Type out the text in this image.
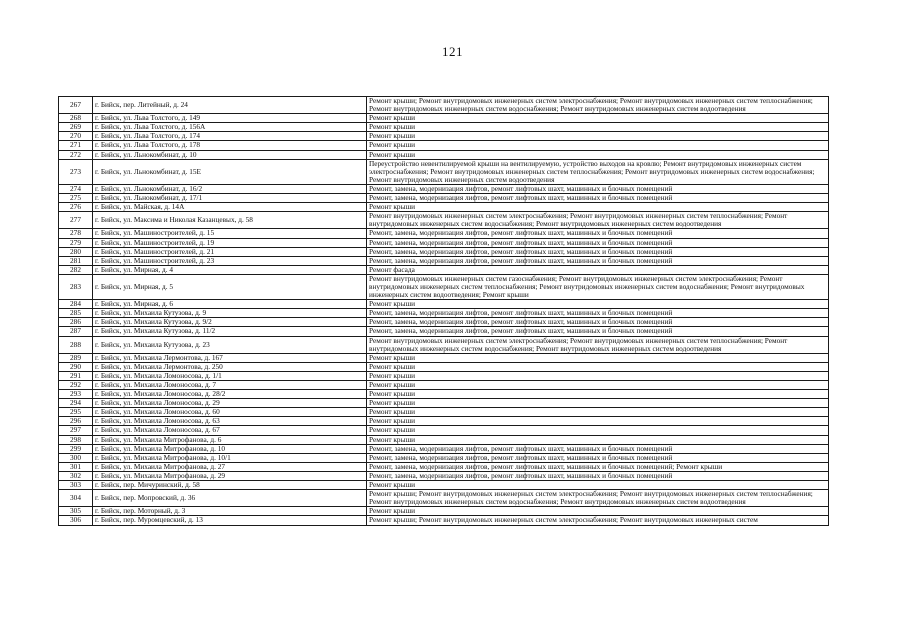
121
267	г. Бийск, пер. Литейный, д. 24	Ремонт крыши; Ремонт внутридомовых инженерных систем электроснабжения; Ремонт внутридомовых инженерных систем теплоснабжения; Ремонт внутридомовых инженерных систем водоснабжения; Ремонт внутридомовых инженерных систем водоотведения
268	г. Бийск, ул. Льва Толстого, д. 149	Ремонт крыши
269	г. Бийск, ул. Льва Толстого, д. 156А	Ремонт крыши
270	г. Бийск, ул. Льва Толстого, д. 174	Ремонт крыши
271	г. Бийск, ул. Льва Толстого, д. 178	Ремонт крыши
272	г. Бийск, ул. Льнокомбинат, д. 10	Ремонт крыши
273	г. Бийск, ул. Льнокомбинат, д. 15Е	Переустройство невентилируемой крыши на вентилируемую, устройство выходов на кровлю; Ремонт внутридомовых инженерных систем электроснабжения; Ремонт внутридомовых инженерных систем теплоснабжения; Ремонт внутридомовых инженерных систем водоснабжения; Ремонт внутридомовых инженерных систем водоотведения
274	г. Бийск, ул. Льнокомбинат, д. 16/2	Ремонт, замена, модернизация лифтов, ремонт лифтовых шахт, машинных и блочных помещений
275	г. Бийск, ул. Льнокомбинат, д. 17/1	Ремонт, замена, модернизация лифтов, ремонт лифтовых шахт, машинных и блочных помещений
276	г. Бийск, ул. Майская, д. 14А	Ремонт крыши
277	г. Бийск, ул. Максима и Николая Казанцевых, д. 58	Ремонт внутридомовых инженерных систем электроснабжения; Ремонт внутридомовых инженерных систем теплоснабжения; Ремонт внутридомовых инженерных систем водоснабжения; Ремонт внутридомовых инженерных систем водоотведения
278	г. Бийск, ул. Машиностроителей, д. 15	Ремонт, замена, модернизация лифтов, ремонт лифтовых шахт, машинных и блочных помещений
279	г. Бийск, ул. Машиностроителей, д. 19	Ремонт, замена, модернизация лифтов, ремонт лифтовых шахт, машинных и блочных помещений
280	г. Бийск, ул. Машиностроителей, д. 21	Ремонт, замена, модернизация лифтов, ремонт лифтовых шахт, машинных и блочных помещений
281	г. Бийск, ул. Машиностроителей, д. 23	Ремонт, замена, модернизация лифтов, ремонт лифтовых шахт, машинных и блочных помещений
282	г. Бийск, ул. Мирная, д. 4	Ремонт фасада
283	г. Бийск, ул. Мирная, д. 5	Ремонт внутридомовых инженерных систем газоснабжения; Ремонт внутридомовых инженерных систем электроснабжения; Ремонт внутридомовых инженерных систем теплоснабжения; Ремонт внутридомовых инженерных систем водоснабжения; Ремонт внутридомовых инженерных систем водоотведения; Ремонт крыши
284	г. Бийск, ул. Мирная, д. 6	Ремонт крыши
285	г. Бийск, ул. Михаила Кутузова, д. 9	Ремонт, замена, модернизация лифтов, ремонт лифтовых шахт, машинных и блочных помещений
286	г. Бийск, ул. Михаила Кутузова, д. 9/2	Ремонт, замена, модернизация лифтов, ремонт лифтовых шахт, машинных и блочных помещений
287	г. Бийск, ул. Михаила Кутузова, д. 11/2	Ремонт, замена, модернизация лифтов, ремонт лифтовых шахт, машинных и блочных помещений
288	г. Бийск, ул. Михаила Кутузова, д. 23	Ремонт внутридомовых инженерных систем электроснабжения; Ремонт внутридомовых инженерных систем теплоснабжения; Ремонт внутридомовых инженерных систем водоснабжения; Ремонт внутридомовых инженерных систем водоотведения
289	г. Бийск, ул. Михаила Лермонтова, д. 167	Ремонт крыши
290	г. Бийск, ул. Михаила Лермонтова, д. 250	Ремонт крыши
291	г. Бийск, ул. Михаила Ломоносова, д. 1/1	Ремонт крыши
292	г. Бийск, ул. Михаила Ломоносова, д. 7	Ремонт крыши
293	г. Бийск, ул. Михаила Ломоносова, д. 28/2	Ремонт крыши
294	г. Бийск, ул. Михаила Ломоносова, д. 29	Ремонт крыши
295	г. Бийск, ул. Михаила Ломоносова, д. 60	Ремонт крыши
296	г. Бийск, ул. Михаила Ломоносова, д. 63	Ремонт крыши
297	г. Бийск, ул. Михаила Ломоносова, д. 67	Ремонт крыши
298	г. Бийск, ул. Михаила Митрофанова, д. 6	Ремонт крыши
299	г. Бийск, ул. Михаила Митрофанова, д. 10	Ремонт, замена, модернизация лифтов, ремонт лифтовых шахт, машинных и блочных помещений
300	г. Бийск, ул. Михаила Митрофанова, д. 10/1	Ремонт, замена, модернизация лифтов, ремонт лифтовых шахт, машинных и блочных помещений
301	г. Бийск, ул. Михаила Митрофанова, д. 27	Ремонт, замена, модернизация лифтов, ремонт лифтовых шахт, машинных и блочных помещений; Ремонт крыши
302	г. Бийск, ул. Михаила Митрофанова, д. 29	Ремонт, замена, модернизация лифтов, ремонт лифтовых шахт, машинных и блочных помещений
303	г. Бийск, пер. Мичуринский, д. 58	Ремонт крыши
304	г. Бийск, пер. Мопровский, д. 36	Ремонт крыши; Ремонт внутридомовых инженерных систем электроснабжения; Ремонт внутридомовых инженерных систем теплоснабжения; Ремонт внутридомовых инженерных систем водоснабжения; Ремонт внутридомовых инженерных систем водоотведения
305	г. Бийск, пер. Моторный, д. 3	Ремонт крыши
306	г. Бийск, пер. Муромцевский, д. 13	Ремонт крыши; Ремонт внутридомовых инженерных систем электроснабжения; Ремонт внутридомовых инженерных систем
